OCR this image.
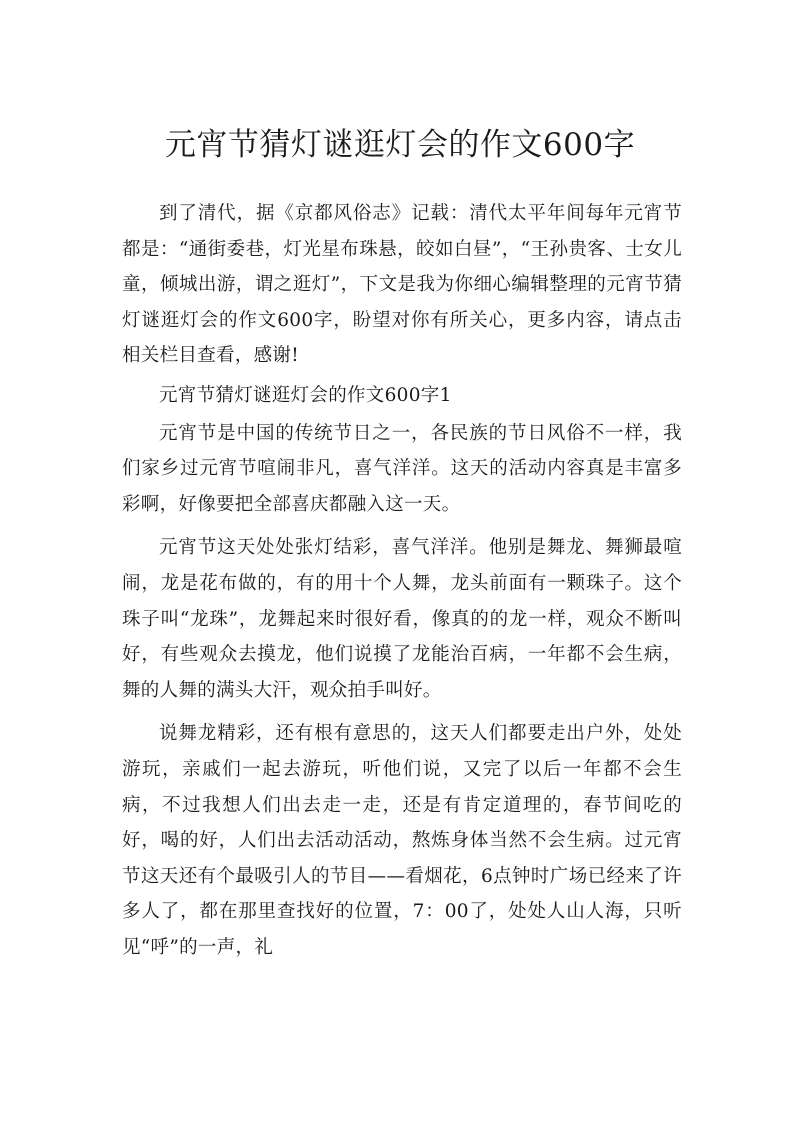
元宵节猜灯谜逛灯会的作文600字

到了清代，据《京都风俗志》记载：清代太平年间每年元宵节都是：“通街委巷，灯光星布珠悬，皎如白昼”，“王孙贵客、士女儿童，倾城出游，谓之逛灯”，下文是我为你细心编辑整理的元宵节猜灯谜逛灯会的作文600字，盼望对你有所关心，更多内容，请点击相关栏目查看，感谢!

元宵节猜灯谜逛灯会的作文600字1

元宵节是中国的传统节日之一，各民族的节日风俗不一样，我们家乡过元宵节喧闹非凡，喜气洋洋。这天的活动内容真是丰富多彩啊，好像要把全部喜庆都融入这一天。

元宵节这天处处张灯结彩，喜气洋洋。他别是舞龙、舞狮最喧闹，龙是花布做的，有的用十个人舞，龙头前面有一颗珠子。这个珠子叫“龙珠”，龙舞起来时很好看，像真的的龙一样，观众不断叫好，有些观众去摸龙，他们说摸了龙能治百病，一年都不会生病，舞的人舞的满头大汗，观众拍手叫好。

说舞龙精彩，还有根有意思的，这天人们都要走出户外，处处游玩，亲戚们一起去游玩，听他们说，又完了以后一年都不会生病，不过我想人们出去走一走，还是有肯定道理的，春节间吃的好，喝的好，人们出去活动活动，熬炼身体当然不会生病。过元宵节这天还有个最吸引人的节目——看烟花，6点钟时广场已经来了许多人了，都在那里查找好的位置，7：00了，处处人山人海，只听见“呼”的一声，礼
